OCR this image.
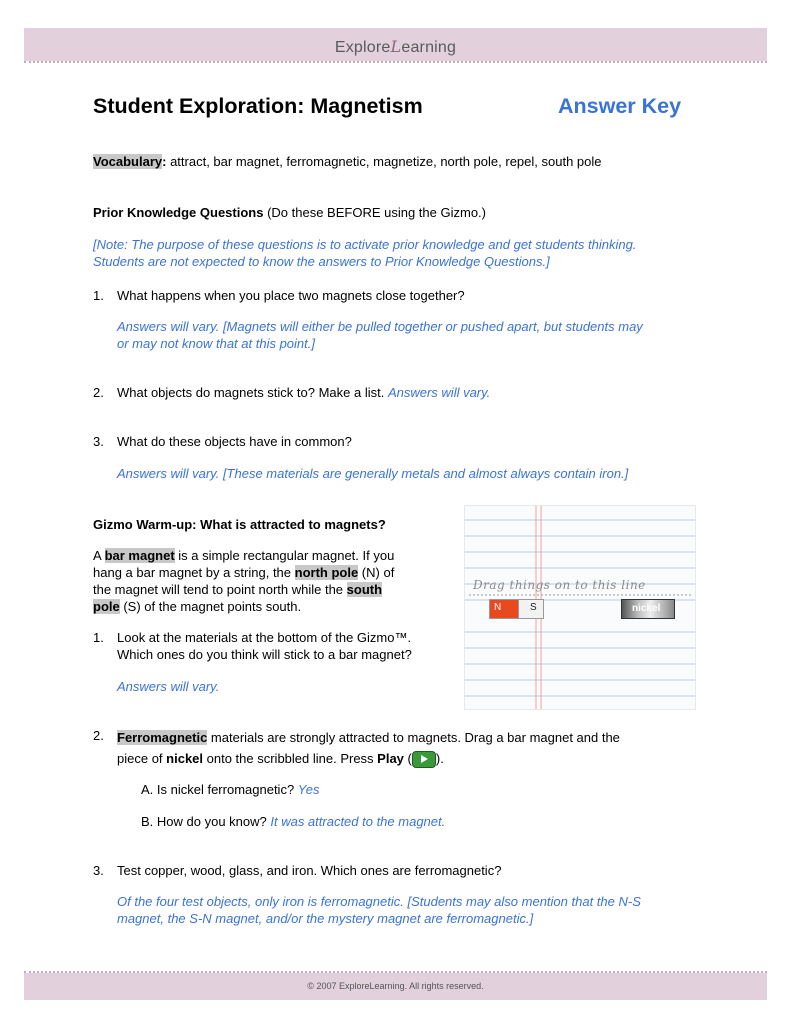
ExploreLearning
Student Exploration: Magnetism	Answer Key
Vocabulary: attract, bar magnet, ferromagnetic, magnetize, north pole, repel, south pole
Prior Knowledge Questions (Do these BEFORE using the Gizmo.)
[Note: The purpose of these questions is to activate prior knowledge and get students thinking.
Students are not expected to know the answers to Prior Knowledge Questions.]
1. What happens when you place two magnets close together?
Answers will vary. [Magnets will either be pulled together or pushed apart, but students may
or may not know that at this point.]
2. What objects do magnets stick to? Make a list. Answers will vary.
3. What do these objects have in common?
Answers will vary. [These materials are generally metals and almost always contain iron.]
Gizmo Warm-up: What is attracted to magnets?
A bar magnet is a simple rectangular magnet. If you
hang a bar magnet by a string, the north pole (N) of
the magnet will tend to point north while the south
pole (S) of the magnet points south.
1. Look at the materials at the bottom of the Gizmo™.
Which ones do you think will stick to a bar magnet?
Answers will vary.
Drag things on to this line
N	S	nickel
2. Ferromagnetic materials are strongly attracted to magnets. Drag a bar magnet and the
piece of nickel onto the scribbled line. Press Play ( ).
A. Is nickel ferromagnetic? Yes
B. How do you know? It was attracted to the magnet.
3. Test copper, wood, glass, and iron. Which ones are ferromagnetic?
Of the four test objects, only iron is ferromagnetic. [Students may also mention that the N-S
magnet, the S-N magnet, and/or the mystery magnet are ferromagnetic.]
© 2007 ExploreLearning. All rights reserved.
